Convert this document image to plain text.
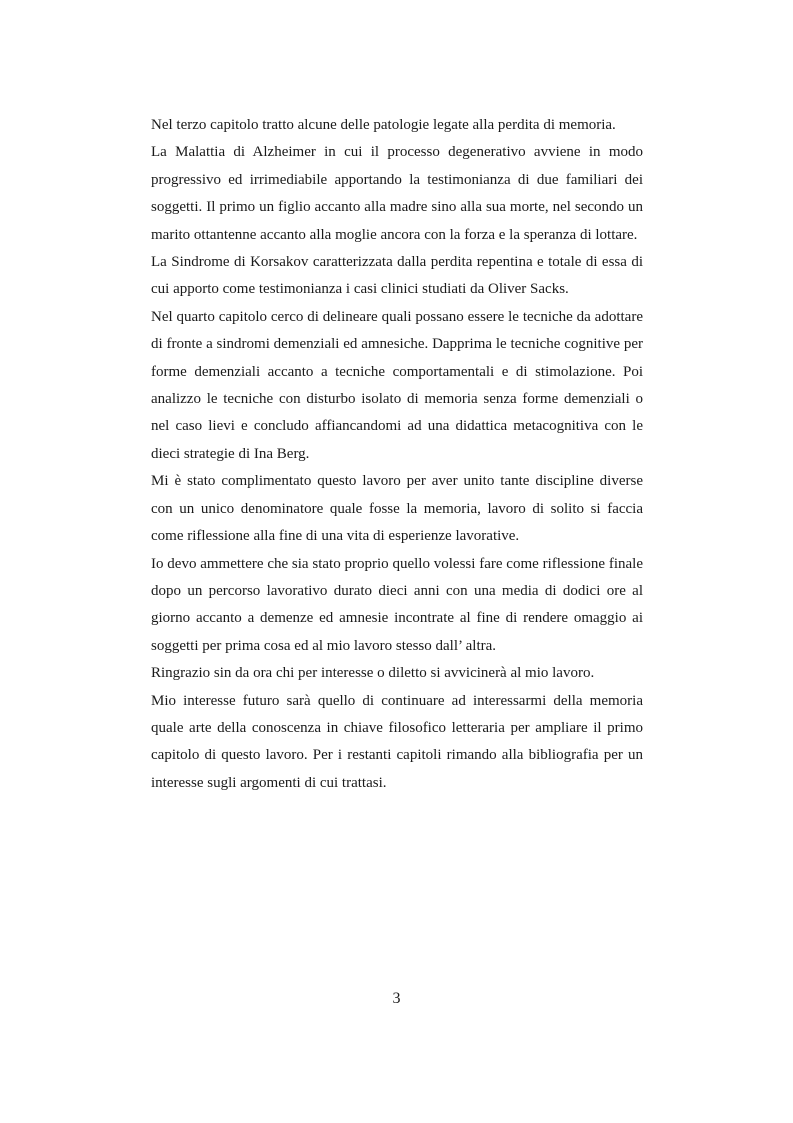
Nel terzo capitolo tratto alcune delle patologie legate alla perdita di memoria.

La Malattia di Alzheimer in cui il processo degenerativo avviene in modo progressivo ed irrimediabile apportando la testimonianza di due familiari dei soggetti. Il primo un figlio accanto alla madre sino alla sua morte, nel secondo un marito ottantenne accanto alla moglie ancora con la forza e la speranza di lottare.

La Sindrome di Korsakov caratterizzata dalla perdita repentina e totale di essa di cui apporto come testimonianza i casi clinici studiati da Oliver Sacks.

Nel quarto capitolo cerco di delineare quali possano essere le tecniche da adottare di fronte a sindromi demenziali ed amnesiche. Dapprima le tecniche cognitive per forme demenziali accanto a tecniche comportamentali e di stimolazione. Poi analizzo le tecniche con disturbo isolato di memoria senza forme demenziali o nel caso lievi e concludo affiancandomi ad una didattica metacognitiva con le dieci strategie di Ina Berg.

Mi è stato complimentato questo lavoro per aver unito tante discipline diverse con un unico denominatore quale fosse la memoria, lavoro di solito si faccia come riflessione alla fine di una vita di esperienze lavorative.

Io devo ammettere che sia stato proprio quello volessi fare come riflessione finale dopo un percorso lavorativo durato dieci anni con una media di dodici ore al giorno accanto a demenze ed amnesie incontrate al fine di rendere omaggio ai soggetti per prima cosa ed al mio lavoro stesso dall’ altra.

Ringrazio sin da ora chi per interesse o diletto si avvicinerà al mio lavoro.

Mio interesse futuro sarà quello di continuare ad interessarmi della memoria quale arte della conoscenza in chiave filosofico letteraria per ampliare il primo capitolo di questo lavoro. Per i restanti capitoli rimando alla bibliografia per un interesse sugli argomenti di cui trattasi.

3
